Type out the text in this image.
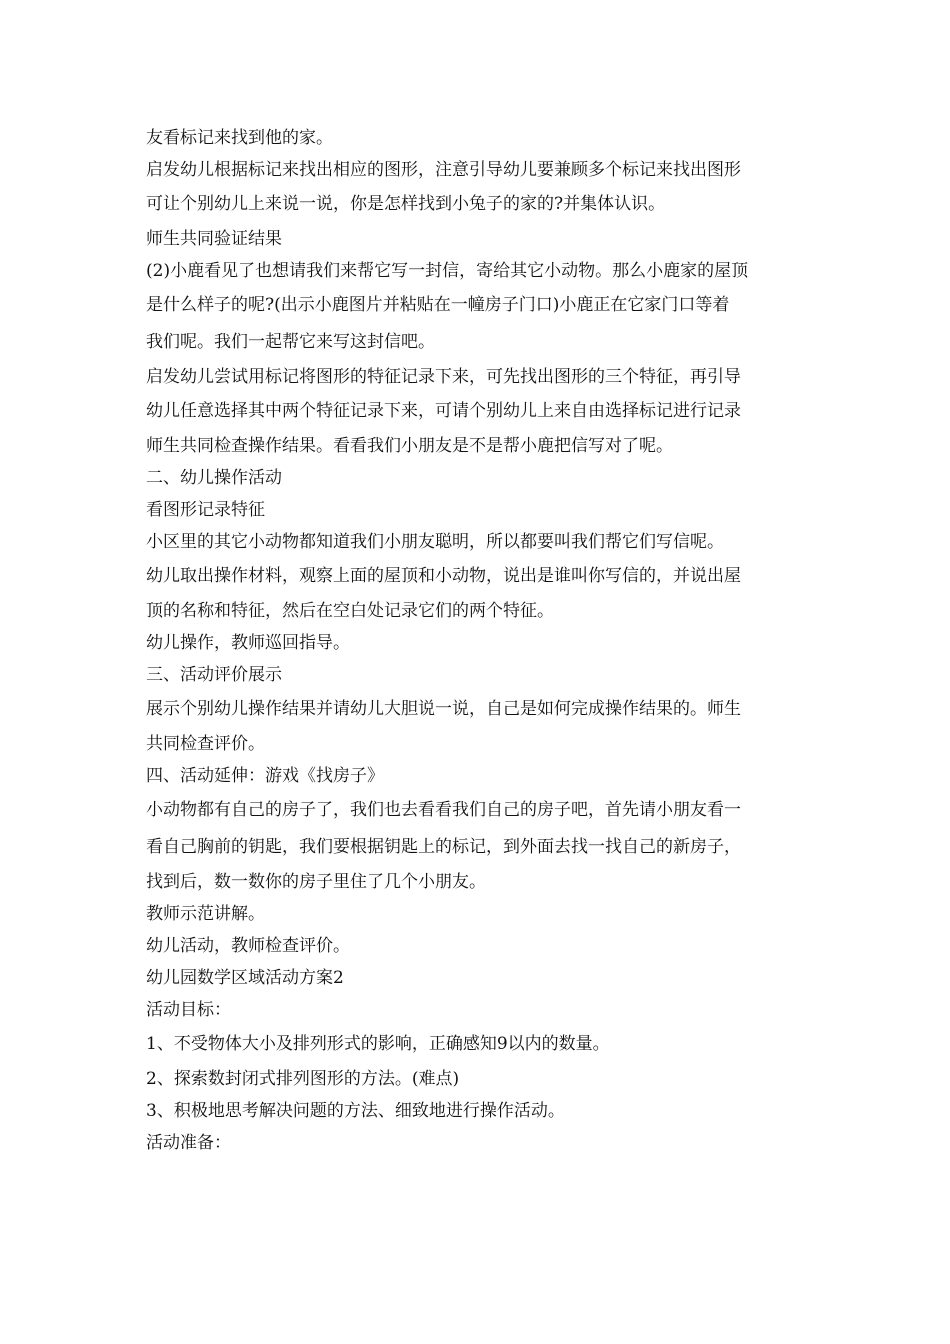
友看标记来找到他的家。

启发幼儿根据标记来找出相应的图形，注意引导幼儿要兼顾多个标记来找出图形

可让个别幼儿上来说一说，你是怎样找到小兔子的家的?并集体认识。

师生共同验证结果

(2)小鹿看见了也想请我们来帮它写一封信，寄给其它小动物。那么小鹿家的屋顶

是什么样子的呢?(出示小鹿图片并粘贴在一幢房子门口)小鹿正在它家门口等着

我们呢。我们一起帮它来写这封信吧。

启发幼儿尝试用标记将图形的特征记录下来，可先找出图形的三个特征，再引导

幼儿任意选择其中两个特征记录下来，可请个别幼儿上来自由选择标记进行记录

师生共同检查操作结果。看看我们小朋友是不是帮小鹿把信写对了呢。

二、幼儿操作活动

看图形记录特征

小区里的其它小动物都知道我们小朋友聪明，所以都要叫我们帮它们写信呢。

幼儿取出操作材料，观察上面的屋顶和小动物，说出是谁叫你写信的，并说出屋

顶的名称和特征，然后在空白处记录它们的两个特征。

幼儿操作，教师巡回指导。

三、活动评价展示

展示个别幼儿操作结果并请幼儿大胆说一说，自己是如何完成操作结果的。师生

共同检查评价。

四、活动延伸：游戏《找房子》

小动物都有自己的房子了，我们也去看看我们自己的房子吧，首先请小朋友看一

看自己胸前的钥匙，我们要根据钥匙上的标记，到外面去找一找自己的新房子，

找到后，数一数你的房子里住了几个小朋友。

教师示范讲解。

幼儿活动，教师检查评价。

幼儿园数学区域活动方案2

活动目标：

1、不受物体大小及排列形式的影响，正确感知9以内的数量。

2、探索数封闭式排列图形的方法。(难点)

3、积极地思考解决问题的方法、细致地进行操作活动。

活动准备：
